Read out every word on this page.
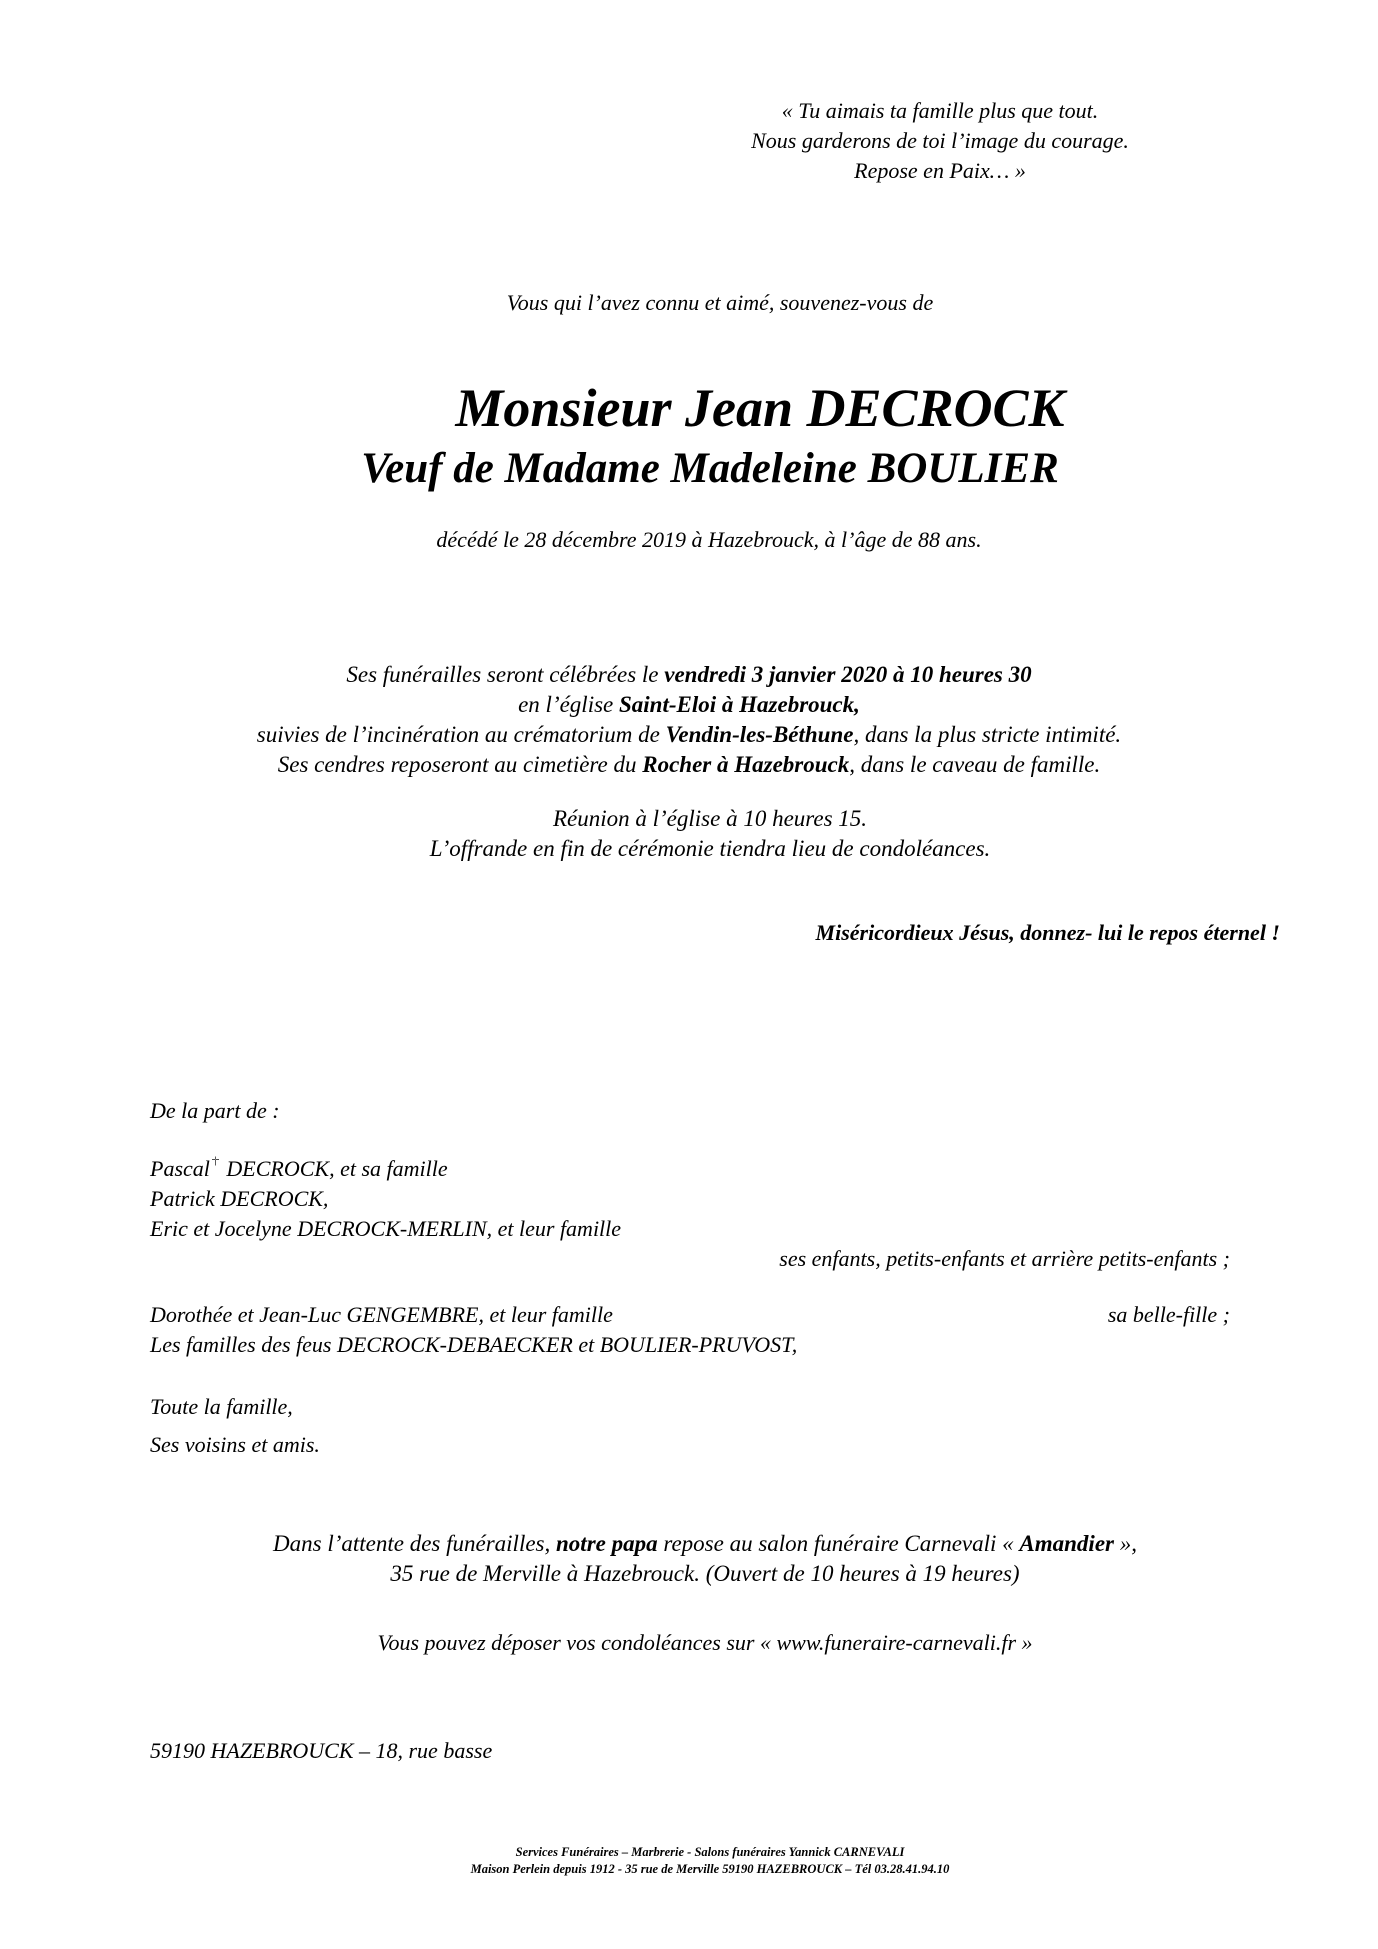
« Tu aimais ta famille plus que tout.
Nous garderons de toi l’image du courage.
Repose en Paix… »
Vous qui l’avez connu et aimé, souvenez-vous de
Monsieur Jean DECROCK
Veuf de Madame Madeleine BOULIER
décédé le 28 décembre 2019 à Hazebrouck, à l’âge de 88 ans.
Ses funérailles seront célébrées le vendredi 3 janvier 2020 à 10 heures 30
en l’église Saint-Eloi à Hazebrouck,
suivies de l’incinération au crématorium de Vendin-les-Béthune, dans la plus stricte intimité.
Ses cendres reposeront au cimetière du Rocher à Hazebrouck, dans le caveau de famille.
Réunion à l’église à 10 heures 15.
L’offrande en fin de cérémonie tiendra lieu de condoléances.
Miséricordieux Jésus, donnez- lui le repos éternel !
De la part de :
Pascal
DECROCK, et sa famille
Patrick DECROCK,
Eric et Jocelyne DECROCK-MERLIN, et leur famille
ses enfants, petits-enfants et arrière petits-enfants ;
Dorothée et Jean-Luc GENGEMBRE, et leur famille	sa belle-fille ;
Les familles des feus DECROCK-DEBAECKER et BOULIER-PRUVOST,
Toute la famille,
Ses voisins et amis.
Dans l’attente des funérailles, notre papa repose au salon funéraire Carnevali « Amandier »,
35 rue de Merville à Hazebrouck. (Ouvert de 10 heures à 19 heures)
Vous pouvez déposer vos condoléances sur « www.funeraire-carnevali.fr »
59190 HAZEBROUCK – 18, rue basse
Services Funéraires – Marbrerie - Salons funéraires Yannick CARNEVALI
Maison Perlein depuis 1912 - 35 rue de Merville 59190 HAZEBROUCK – Tél 03.28.41.94.10
